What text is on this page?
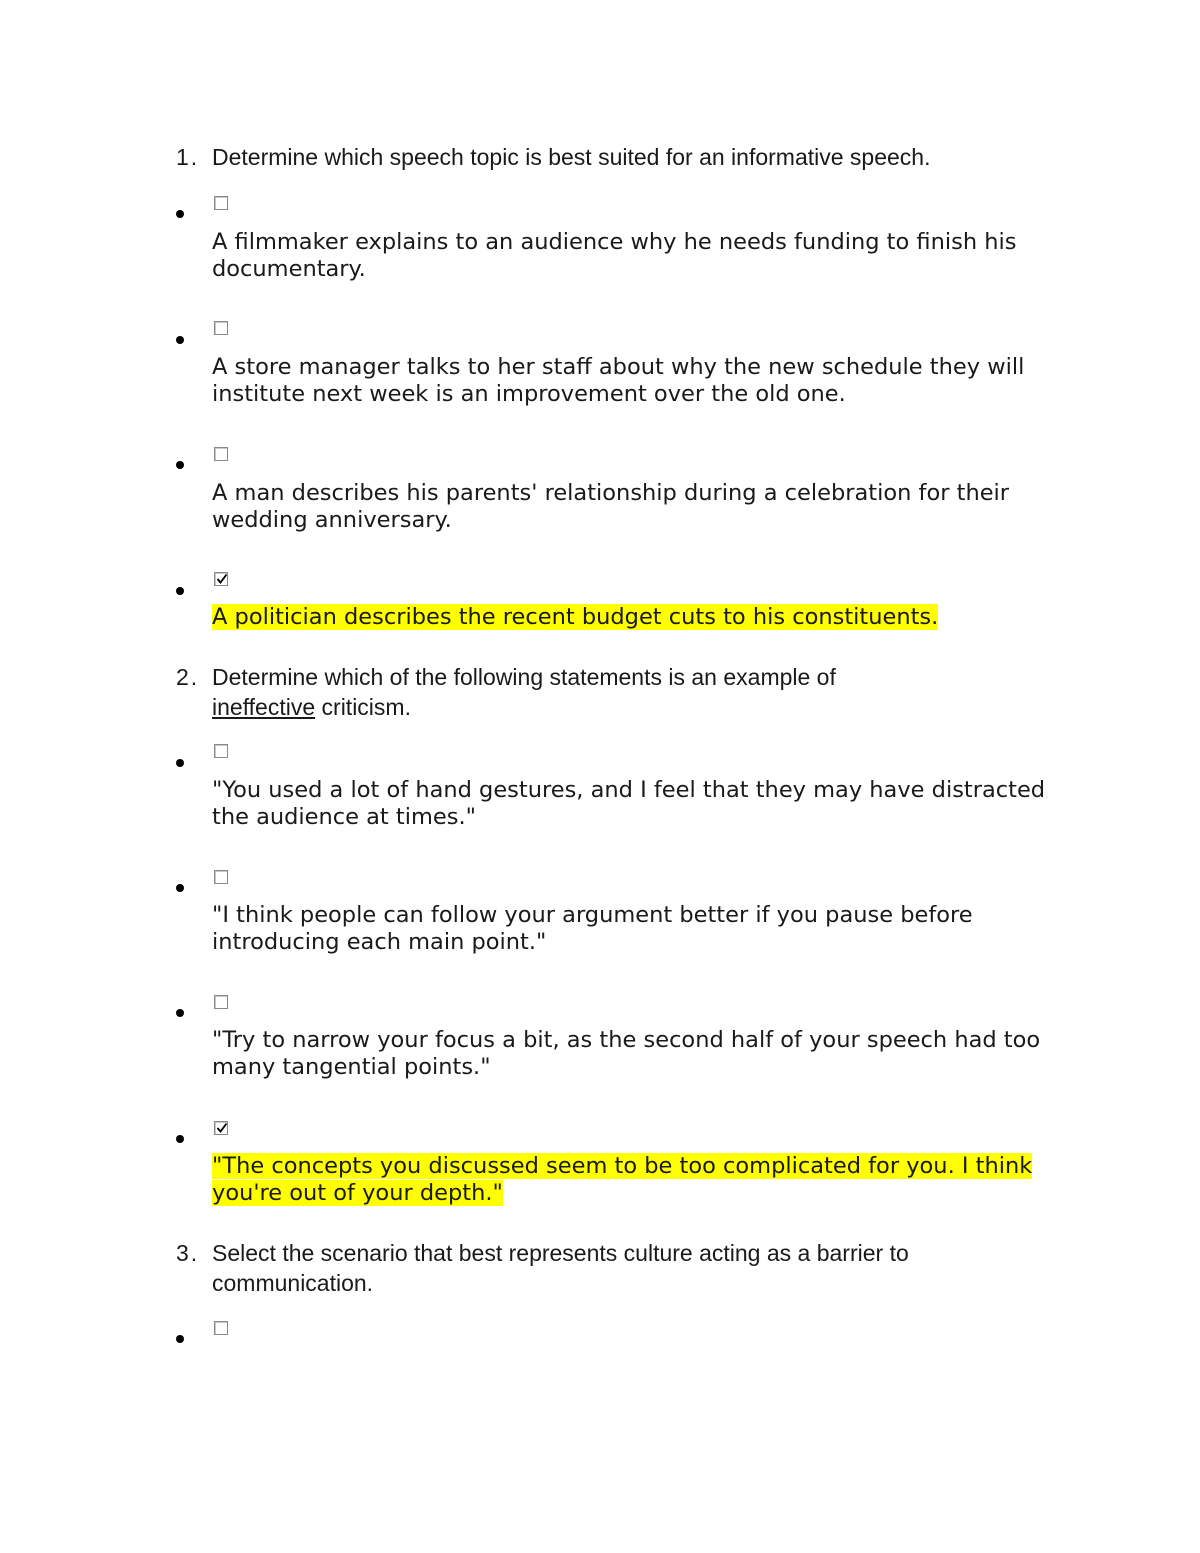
1. Determine which speech topic is best suited for an informative speech.
A filmmaker explains to an audience why he needs funding to finish his documentary.
A store manager talks to her staff about why the new schedule they will institute next week is an improvement over the old one.
A man describes his parents' relationship during a celebration for their wedding anniversary.
A politician describes the recent budget cuts to his constituents.
2. Determine which of the following statements is an example of ineffective criticism.
"You used a lot of hand gestures, and I feel that they may have distracted the audience at times."
"I think people can follow your argument better if you pause before introducing each main point."
"Try to narrow your focus a bit, as the second half of your speech had too many tangential points."
"The concepts you discussed seem to be too complicated for you. I think you're out of your depth."
3. Select the scenario that best represents culture acting as a barrier to communication.
